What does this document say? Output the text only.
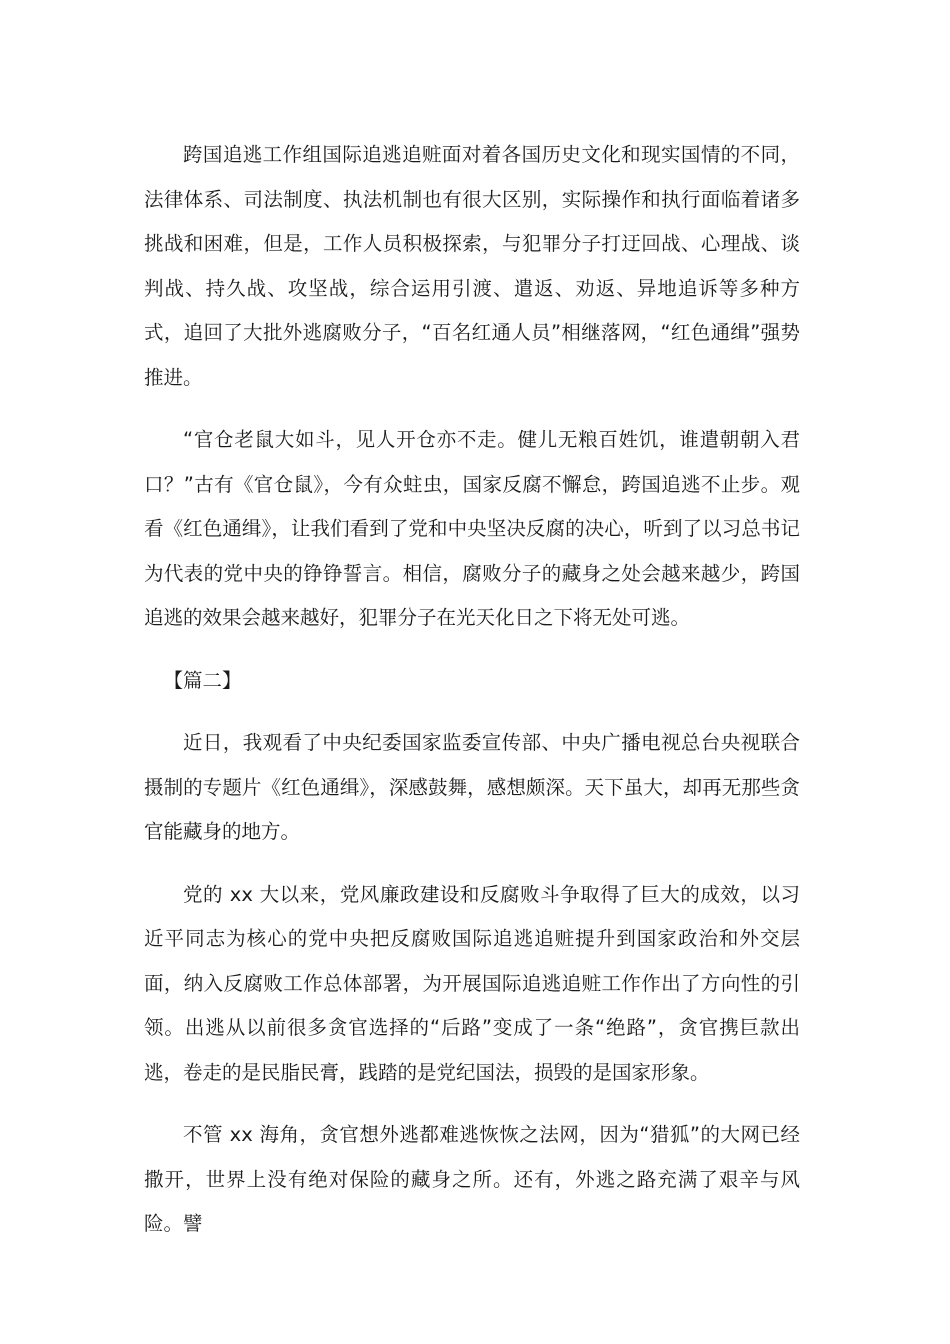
跨国追逃工作组国际追逃追赃面对着各国历史文化和现实国情的不同，法律体系、司法制度、执法机制也有很大区别，实际操作和执行面临着诸多挑战和困难，但是，工作人员积极探索，与犯罪分子打迂回战、心理战、谈判战、持久战、攻坚战，综合运用引渡、遣返、劝返、异地追诉等多种方式，追回了大批外逃腐败分子，“百名红通人员”相继落网，“红色通缉”强势推进。

“官仓老鼠大如斗，见人开仓亦不走。健儿无粮百姓饥，谁遣朝朝入君口？”古有《官仓鼠》，今有众蛀虫，国家反腐不懈怠，跨国追逃不止步。观看《红色通缉》，让我们看到了党和中央坚决反腐的决心，听到了以习总书记为代表的党中央的铮铮誓言。相信，腐败分子的藏身之处会越来越少，跨国追逃的效果会越来越好，犯罪分子在光天化日之下将无处可逃。

【篇二】

近日，我观看了中央纪委国家监委宣传部、中央广播电视总台央视联合摄制的专题片《红色通缉》，深感鼓舞，感想颇深。天下虽大，却再无那些贪官能藏身的地方。

党的 xx 大以来，党风廉政建设和反腐败斗争取得了巨大的成效，以习近平同志为核心的党中央把反腐败国际追逃追赃提升到国家政治和外交层面，纳入反腐败工作总体部署，为开展国际追逃追赃工作作出了方向性的引领。出逃从以前很多贪官选择的“后路”变成了一条“绝路”，贪官携巨款出逃，卷走的是民脂民膏，践踏的是党纪国法，损毁的是国家形象。

不管 xx 海角，贪官想外逃都难逃恢恢之法网，因为“猎狐”的大网已经撒开，世界上没有绝对保险的藏身之所。还有，外逃之路充满了艰辛与风险。譬
